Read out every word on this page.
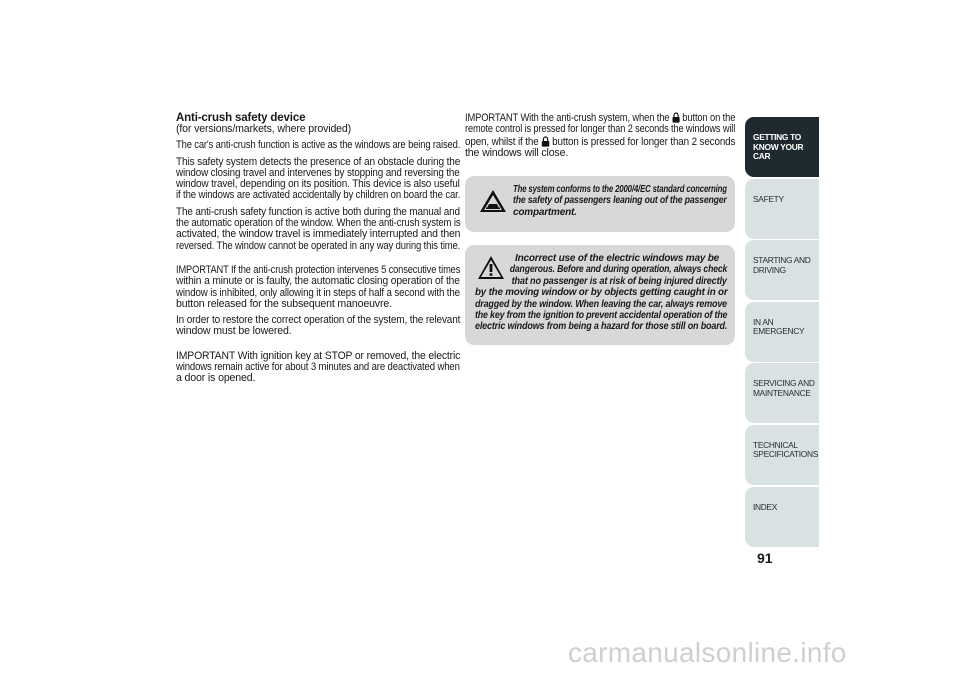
Anti-crush safety device

(for versions/markets, where provided)

The car's anti-crush function is active as the windows are being raised.

This safety system detects the presence of an obstacle during the

window closing travel and intervenes by stopping and reversing the

window travel, depending on its position. This device is also useful

if the windows are activated accidentally by children on board the car.

The anti-crush safety function is active both during the manual and

the automatic operation of the window. When the anti-crush system is

activated, the window travel is immediately interrupted and then

reversed. The window cannot be operated in any way during this time.

IMPORTANT If the anti-crush protection intervenes 5 consecutive times

within a minute or is faulty, the automatic closing operation of the

window is inhibited, only allowing it in steps of half a second with the

button released for the subsequent manoeuvre.

In order to restore the correct operation of the system, the relevant

window must be lowered.

IMPORTANT With ignition key at STOP or removed, the electric

windows remain active for about 3 minutes and are deactivated when

a door is opened.

IMPORTANT With the anti-crush system, when the button on the

remote control is pressed for longer than 2 seconds the windows will

open, whilst if the button is pressed for longer than 2 seconds

the windows will close.

The system conforms to the 2000/4/EC standard concerning

the safety of passengers leaning out of the passenger

compartment.

Incorrect use of the electric windows may be

dangerous. Before and during operation, always check

that no passenger is at risk of being injured directly

by the moving window or by objects getting caught in or

dragged by the window. When leaving the car, always remove

the key from the ignition to prevent accidental operation of the

electric windows from being a hazard for those still on board.

GETTING TO
KNOW YOUR CAR
SAFETY
STARTING AND
DRIVING
IN AN EMERGENCY
SERVICING AND
MAINTENANCE
TECHNICAL
SPECIFICATIONS
INDEX
91
carmanualsonline.info
